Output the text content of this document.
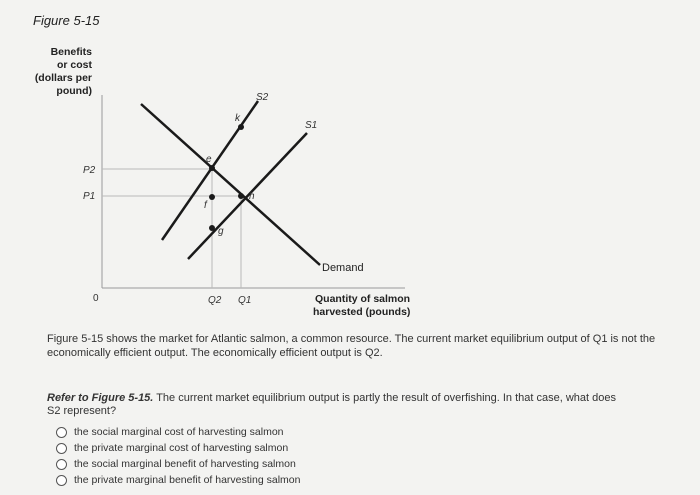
Figure 5-15
Benefits
or cost
(dollars per
pound)
P2
P1
0	Q2 Q1
S2
S1
Demand
e
k
f
h
g
Quantity of salmon
harvested (pounds)
Figure 5-15 shows the market for Atlantic salmon, a common resource. The current market equilibrium output of Q1 is not the economically efficient output. The economically efficient output is Q2.
Refer to Figure 5-15. The current market equilibrium output is partly the result of overfishing. In that case, what does S2 represent?
the social marginal cost of harvesting salmon
the private marginal cost of harvesting salmon
the social marginal benefit of harvesting salmon
the private marginal benefit of harvesting salmon
